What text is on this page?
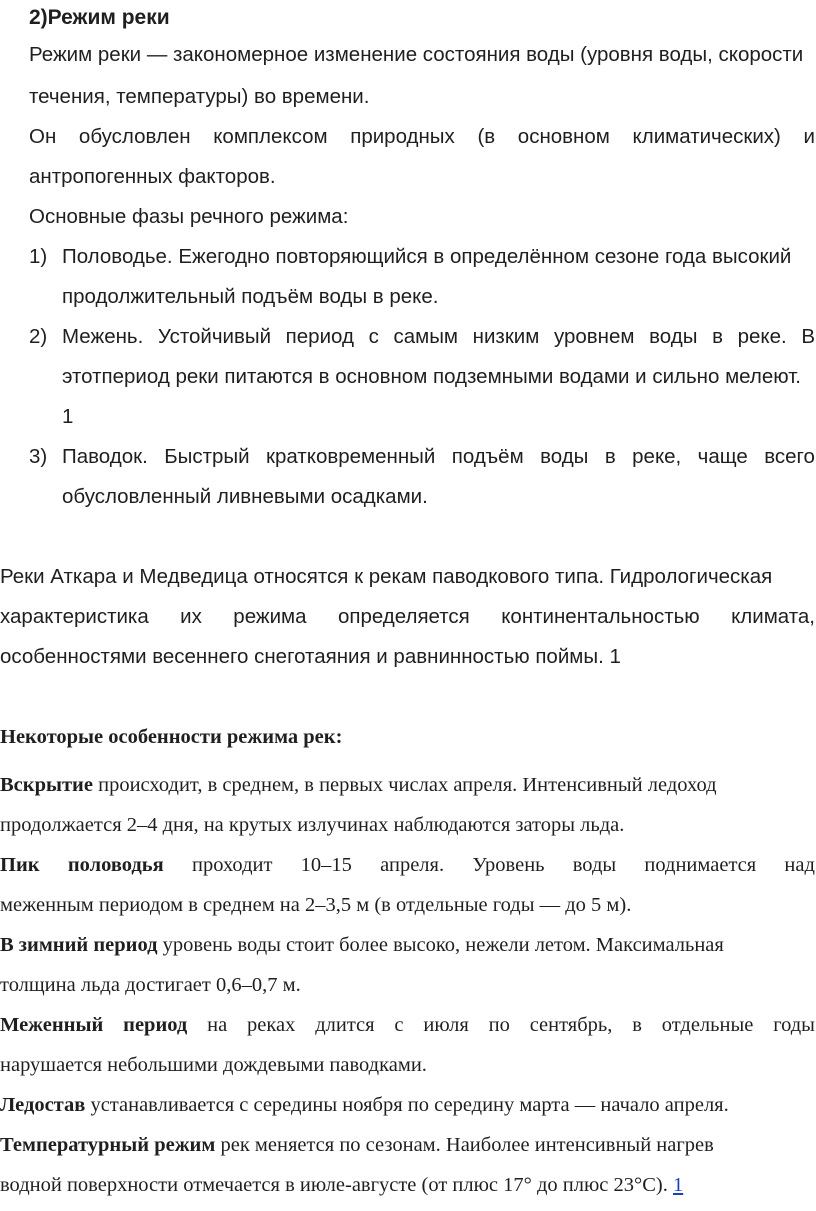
2)Режим реки
Режим реки — закономерное изменение состояния воды (уровня воды, скорости
течения, температуры) во времени.
Он обусловлен комплексом природных (в основном климатических) и
антропогенных факторов.
Основные фазы речного режима:
1) Половодье. Ежегодно повторяющийся в определённом сезоне года высокий
продолжительный подъём воды в реке.
2) Межень. Устойчивый период с самым низким уровнем воды в реке. В
этотпериод реки питаются в основном подземными водами и сильно мелеют.
1
3) Паводок. Быстрый кратковременный подъём воды в реке, чаще всего
обусловленный ливневыми осадками.
Реки Аткара и Медведица относятся к рекам паводкового типа. Гидрологическая
характеристика их режима определяется континентальностью климата,
особенностями весеннего снеготаяния и равнинностью поймы. 1
Некоторые особенности режима рек:
Вскрытие происходит, в среднем, в первых числах апреля. Интенсивный ледоход
продолжается 2–4 дня, на крутых излучинах наблюдаются заторы льда.
Пик половодья проходит 10–15 апреля. Уровень воды поднимается над
меженным периодом в среднем на 2–3,5 м (в отдельные годы — до 5 м).
В зимний период уровень воды стоит более высоко, нежели летом. Максимальная
толщина льда достигает 0,6–0,7 м.
Меженный период на реках длится с июля по сентябрь, в отдельные годы
нарушается небольшими дождевыми паводками.
Ледостав устанавливается с середины ноября по середину марта — начало апреля.
Температурный режим рек меняется по сезонам. Наиболее интенсивный нагрев
водной поверхности отмечается в июле-августе (от плюс 17° до плюс 23°С). 1
